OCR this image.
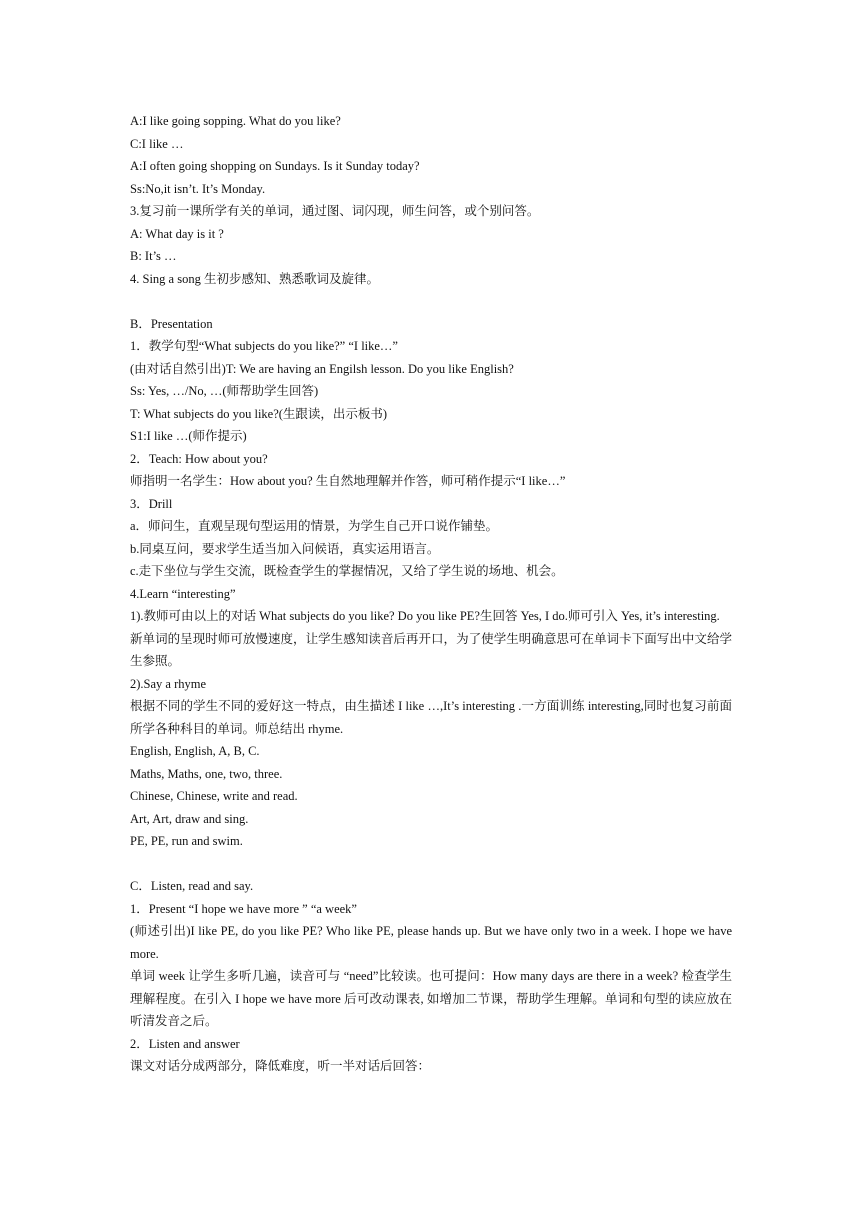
A:I like going sopping. What do you like?
C:I like …
A:I often going shopping on Sundays. Is it Sunday today?
Ss:No,it isn’t. It’s Monday.
3.复习前一课所学有关的单词，通过图、词闪现，师生问答，或个别问答。
A: What day is it ?
B: It’s …
4. Sing a song 生初步感知、熟悉歌词及旋律。
B．Presentation
1．教学句型“What subjects do you like?” “I like…”
(由对话自然引出)T: We are having an Engilsh lesson. Do you like English?
Ss: Yes, …/No, …(师帮助学生回答)
T: What subjects do you like?(生跟读，出示板书)
S1:I like …(师作提示)
2．Teach: How about you?
师指明一名学生：How about you? 生自然地理解并作答，师可稍作提示“I like…”
3．Drill
a．师问生，直观呈现句型运用的情景，为学生自己开口说作铺垫。
b.同桌互问，要求学生适当加入问候语，真实运用语言。
c.走下坐位与学生交流，既检查学生的掌握情况，又给了学生说的场地、机会。
4.Learn “interesting”
1).教师可由以上的对话 What subjects do you like? Do you like PE?生回答 Yes, I do.师可引入 Yes, it’s interesting.
新单词的呈现时师可放慢速度，让学生感知读音后再开口，为了使学生明确意思可在单词卡下面写出中文给学生参照。
2).Say a rhyme
根据不同的学生不同的爱好这一特点，由生描述 I like …,It’s interesting .一方面训练 interesting,同时也复习前面所学各种科目的单词。师总结出 rhyme.
English, English, A, B, C.
Maths, Maths, one, two, three.
Chinese, Chinese, write and read.
Art, Art, draw and sing.
PE, PE, run and swim.
C．Listen, read and say.
1．Present “I hope we have more ” “a week”
(师述引出)I like PE, do you like PE? Who like PE, please hands up. But we have only two in a week. I hope we have more.
单词 week 让学生多听几遍，读音可与 “need”比较读。也可提问：How many days are there in a week? 检查学生理解程度。在引入 I hope we have more 后可改动课表, 如增加二节课，帮助学生理解。单词和句型的读应放在听清发音之后。
2．Listen and answer
课文对话分成两部分，降低难度，听一半对话后回答：
